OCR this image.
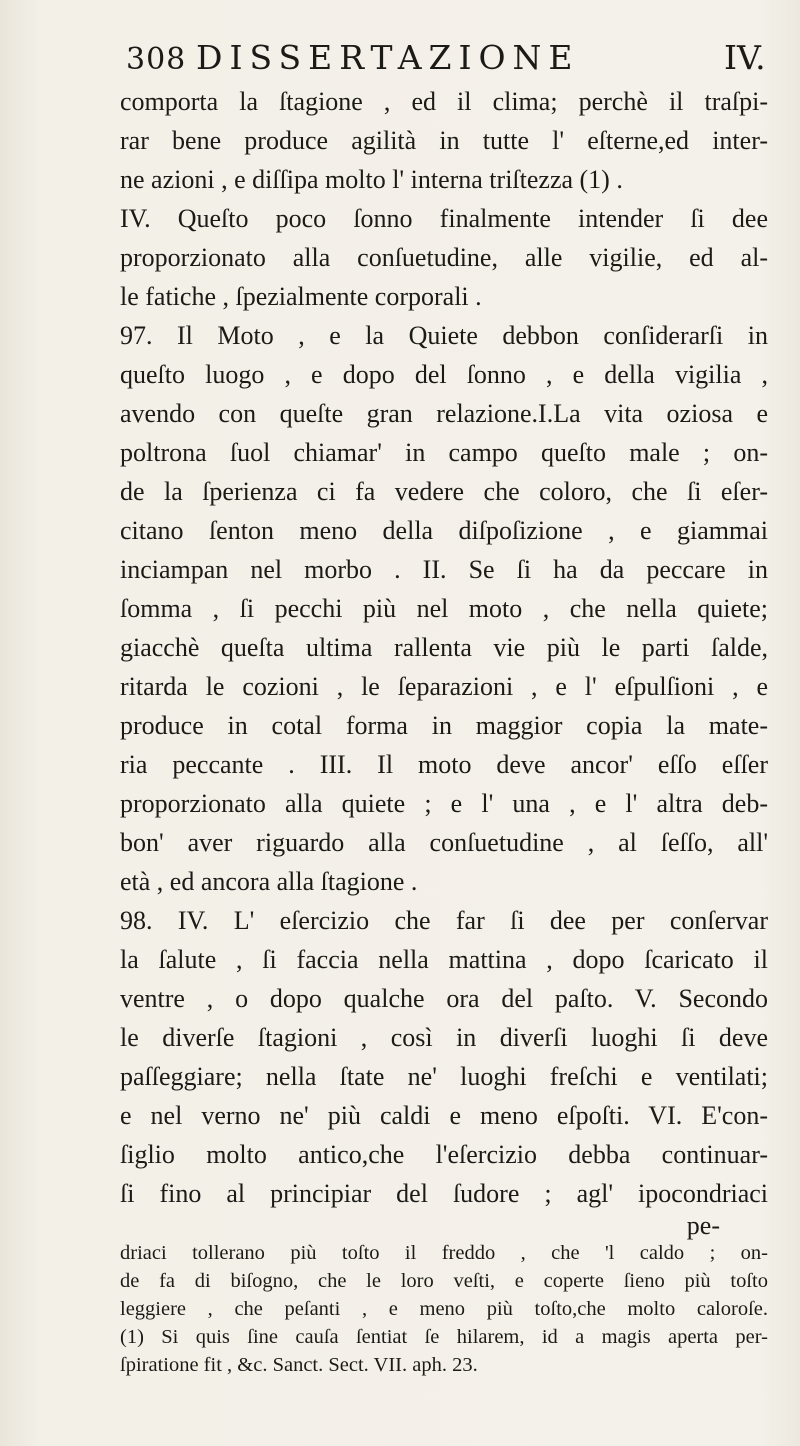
308 DISSERTAZIONE	IV.
comporta la ſtagione , ed il clima; perchè il traſpi-
rar bene produce agilità in tutte l' eſterne,ed inter-
ne azioni , e diſſipa molto l' interna triſtezza (1) .
IV. Queſto poco ſonno finalmente intender ſi dee
proporzionato alla conſuetudine, alle vigilie, ed al-
le fatiche , ſpezialmente corporali .
97. Il Moto , e la Quiete debbon conſiderarſi in
queſto luogo , e dopo del ſonno , e della vigilia ,
avendo con queſte gran relazione.I.La vita oziosa e
poltrona ſuol chiamar' in campo queſto male ; on-
de la ſperienza ci fa vedere che coloro, che ſi eſer-
citano ſenton meno della diſpoſizione , e giammai
inciampan nel morbo . II. Se ſi ha da peccare in
ſomma , ſi pecchi più nel moto , che nella quiete;
giacchè queſta ultima rallenta vie più le parti ſalde,
ritarda le cozioni , le ſeparazioni , e l' eſpulſioni , e
produce in cotal forma in maggior copia la mate-
ria peccante . III. Il moto deve ancor' eſſo eſſer
proporzionato alla quiete ; e l' una , e l' altra deb-
bon' aver riguardo alla conſuetudine , al ſeſſo, all'
età , ed ancora alla ſtagione .
98. IV. L' eſercizio che far ſi dee per conſervar
la ſalute , ſi faccia nella mattina , dopo ſcaricato il
ventre , o dopo qualche ora del paſto. V. Secondo
le diverſe ſtagioni , così in diverſi luoghi ſi deve
paſſeggiare; nella ſtate ne' luoghi freſchi e ventilati;
e nel verno ne' più caldi e meno eſpoſti. VI. E'con-
ſiglio molto antico,che l'eſercizio debba continuar-
ſi fino al principiar del ſudore ; agl' ipocondriaci
pe-
driaci tollerano più toſto il freddo , che 'l caldo ; on-
de fa di biſogno, che le loro veſti, e coperte ſieno più toſto
leggiere , che peſanti , e meno più toſto,che molto caloroſe.
(1) Si quis ſine cauſa ſentiat ſe hilarem, id a magis aperta per-
ſpiratione fit , &c. Sanct. Sect. VII. aph. 23.
